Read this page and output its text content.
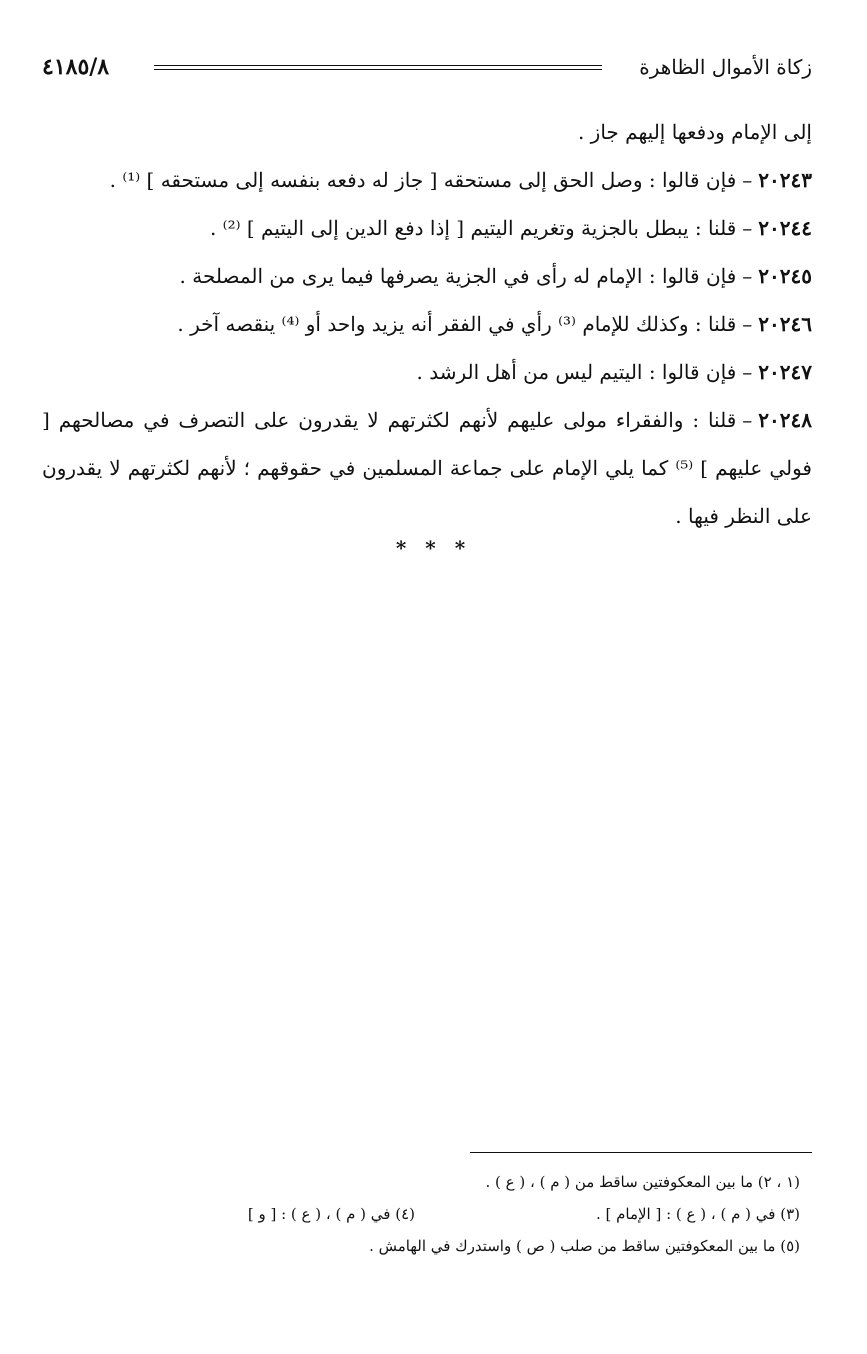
زكاة الأموال الظاهرة
٤١٨٥/٨

إلى الإمام ودفعها إليهم جاز .

٢٠٢٤٣–فإن قالوا : وصل الحق إلى مستحقه [ جاز له دفعه بنفسه إلى مستحقه ] ⁽¹⁾ .

٢٠٢٤٤–قلنا : يبطل بالجزية وتغريم اليتيم [ إذا دفع الدين إلى اليتيم ] ⁽²⁾ .

٢٠٢٤٥–فإن قالوا : الإمام له رأى في الجزية يصرفها فيما يرى من المصلحة .

٢٠٢٤٦–قلنا : وكذلك للإمام ⁽³⁾ رأي في الفقر أنه يزيد واحد أو ⁽⁴⁾ ينقصه آخر .

٢٠٢٤٧–فإن قالوا : اليتيم ليس من أهل الرشد .

٢٠٢٤٨–قلنا : والفقراء مولى عليهم لأنهم لكثرتهم لا يقدرون على التصرف في مصالحهم [ فولي عليهم ] ⁽⁵⁾ كما يلي الإمام على جماعة المسلمين في حقوقهم ؛ لأنهم لكثرتهم لا يقدرون على النظر فيها .

* * *
(١ ، ٢) ما بين المعكوفتين ساقط من ( م ) ، ( ع ) .
(٣) في ( م ) ، ( ع ) : [ الإمام ] .
(٤) في ( م ) ، ( ع ) : [ و ]
(٥) ما بين المعكوفتين ساقط من صلب ( ص ) واستدرك في الهامش .
